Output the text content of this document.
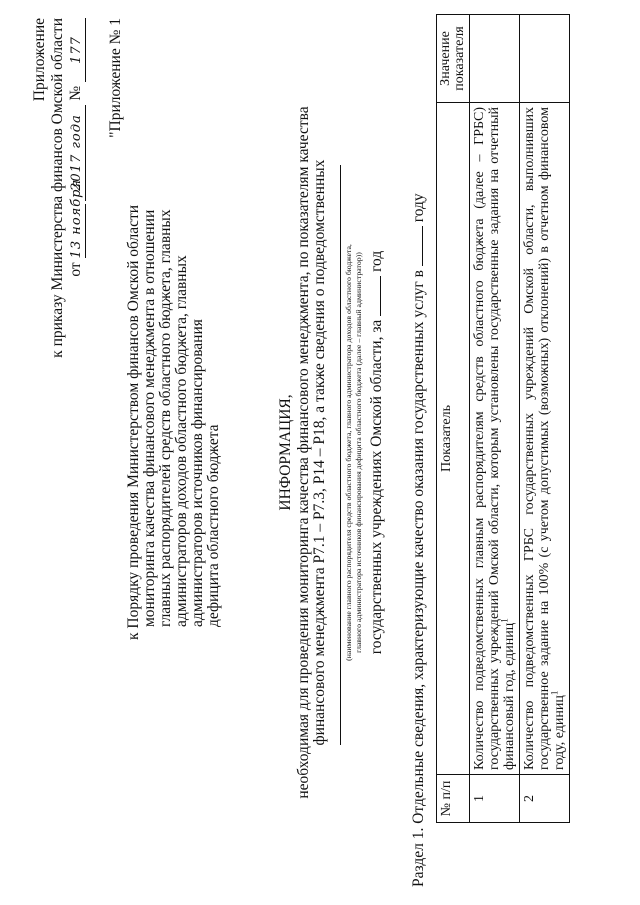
Приложение к приказу Министерства финансов Омской области от 13 ноября 2017 года № 177 "Приложение № 1
к Порядку проведения Министерством финансов Омской области мониторинга качества финансового менеджмента в отношении главных распорядителей средств областного бюджета, главных администраторов доходов областного бюджета, главных администраторов источников финансирования дефицита областного бюджета	ИНФОРМАЦИЯ, необходимая для проведения мониторинга качества финансового менеджмента, по показателям качества финансового менеджмента Р7.1 – Р7.3, Р14 – Р18, а также сведения о подведомственных (наименование главного распорядителя средств областного бюджета, главного администратора доходов областного бюджета, главного администратора источников финансирования дефицита областного бюджета (далее – главный администратор)) государственных учреждениях Омской области, за  год
Раздел 1. Отдельные сведения, характеризующие качество оказания государственных услуг в  году
№ п/п	Показатель	Значение показателя
1	Количество подведомственных главным распорядителям средств областного бюджета (далее – ГРБС) государственных учреждений Омской области, которым установлены государственные задания на отчетный финансовый год, единиц$^1$	
2	Количество подведомственных ГРБС государственных учреждений Омской области, выполнивших государственное задание на 100% (с учетом допустимых (возможных) отклонений) в отчетном финансовом году, единиц$^1$	
